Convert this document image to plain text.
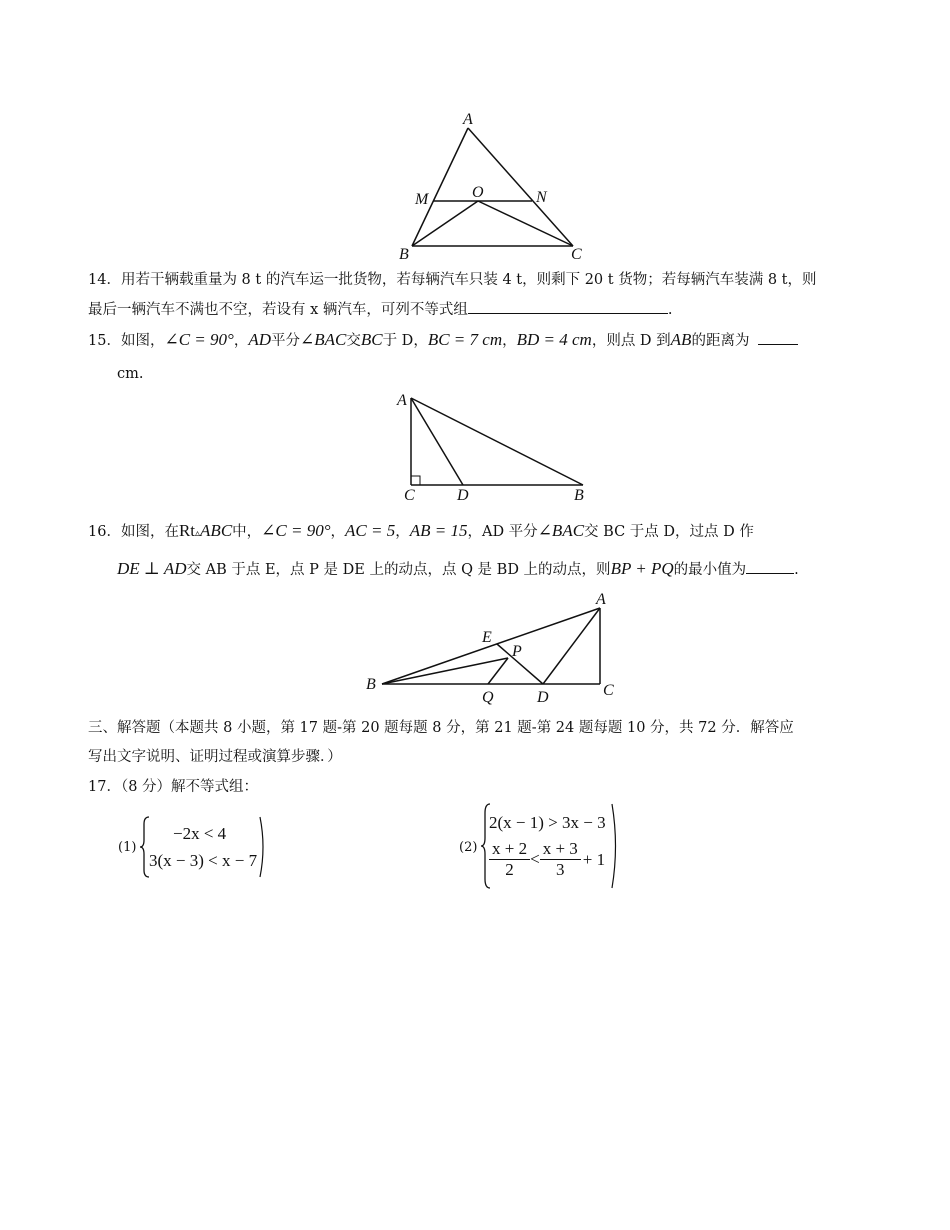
A
M	O	N
B	C
14．用若干辆载重量为 8 t 的汽车运一批货物，若每辆汽车只装 4 t，则剩下 20 t 货物；若每辆汽车装满 8 t，则
最后一辆汽车不满也不空，若设有 x 辆汽车，可列不等式组	.
15．如图，∠C = 90°，AD平分∠BAC交BC于 D，BC = 7 cm，BD = 4 cm，则点 D 到AB的距离为
cm.
A
C	D	B
16．如图，在Rt▵ABC中，∠C = 90°，AC = 5，AB = 15，AD 平分∠BAC交 BC 于点 D，过点 D 作
DE ⊥ AD交 AB 于点 E，点 P 是 DE 上的动点，点 Q 是 BD 上的动点，则BP + PQ的最小值为	.
A
E
P
B
Q	D	C
三、解答题（本题共 8 小题，第 17 题-第 20 题每题 8 分，第 21 题-第 24 题每题 10 分，共 72 分．解答应
写出文字说明、证明过程或演算步骤．）
17．（8 分）解不等式组：
(1)
−2x < 4
3(x − 3) < x − 7
(2)
2(x − 1) > 3x − 3
$\frac{x + 2}{2} < \frac{x + 3}{3} + 1$
